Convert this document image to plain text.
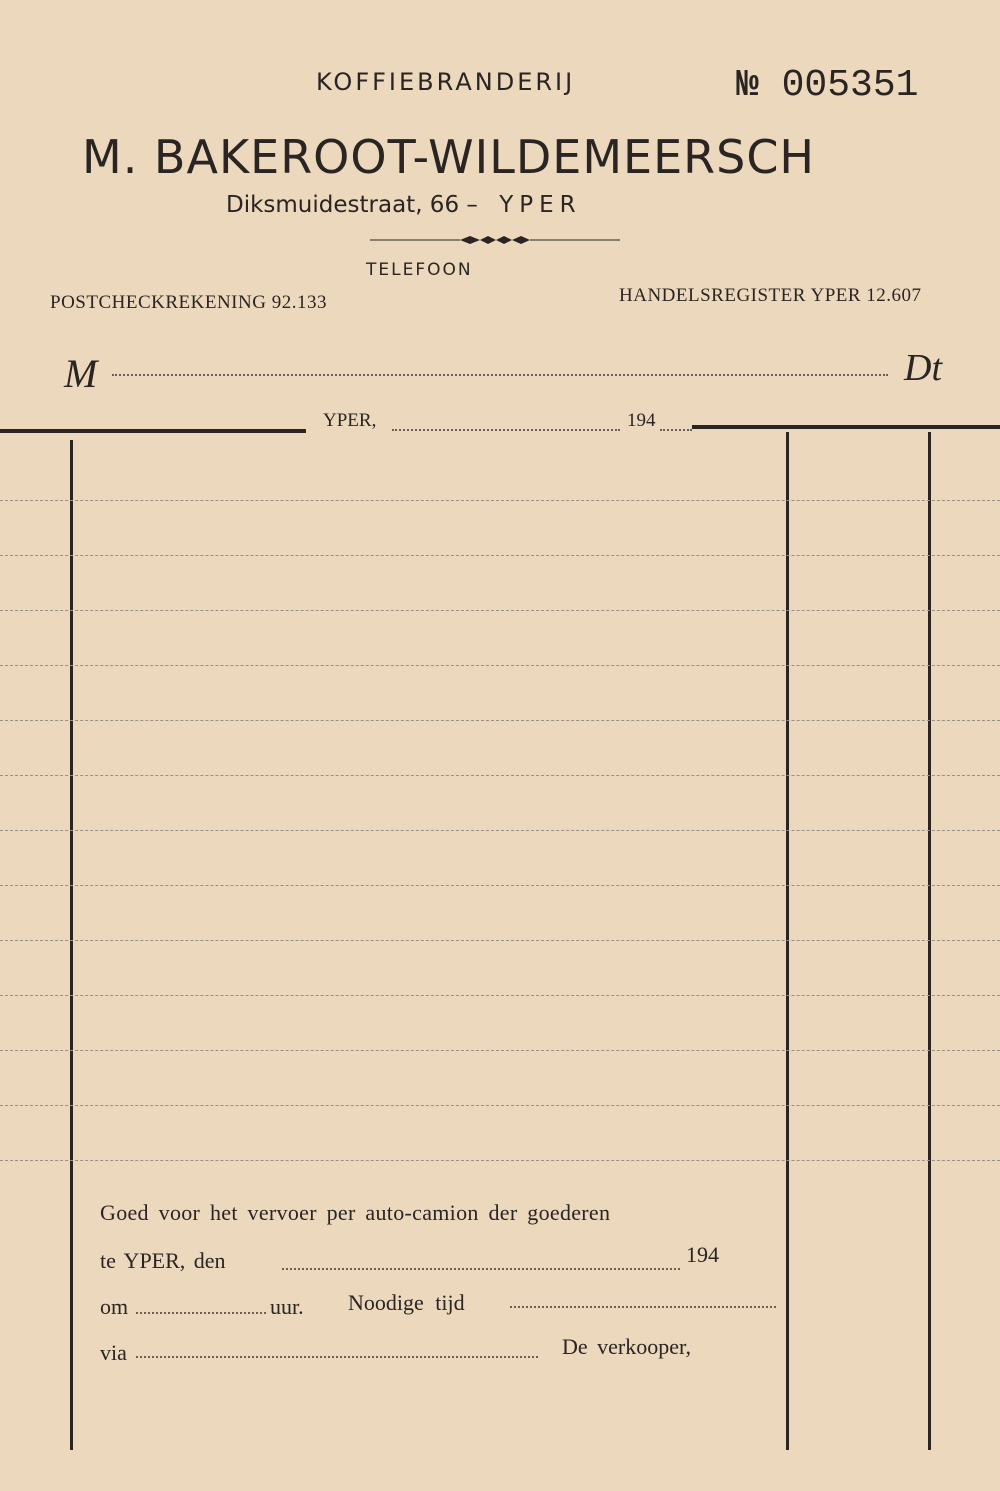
KOFFIEBRANDERIJ	№ 005351
M. BAKEROOT-WILDEMEERSCH
Diksmuidestraat, 66 – YPER
TELEFOON
POSTCHECKREKENING 92.133	HANDELSREGISTER YPER 12.607
M	Dt
YPER,	194
Goed voor het vervoer per auto-camion der goederen
te YPER, den	194
om	uur. Noodige tijd
via	De verkooper,
